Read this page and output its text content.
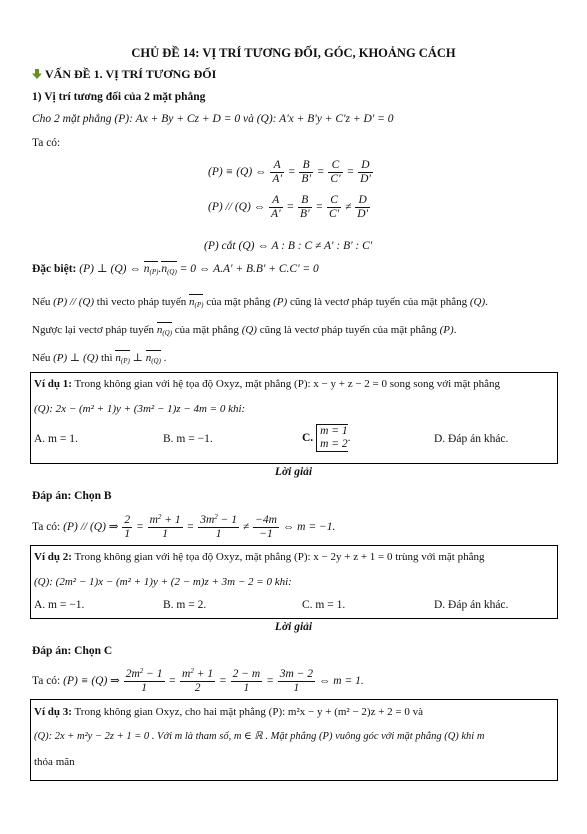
CHỦ ĐỀ 14: VỊ TRÍ TƯƠNG ĐỐI, GÓC, KHOẢNG CÁCH
VẤN ĐỀ 1. VỊ TRÍ TƯƠNG ĐỐI
1) Vị trí tương đối của 2 mặt phẳng
Cho 2 mặt phẳng (P): Ax + By + Cz + D = 0 và (Q): A'x + B'y + C'z + D' = 0
Ta có:
(P) ≡ (Q) ⇔ $\frac{A}{A'} = \frac{B}{B'} = \frac{C}{C'} = \frac{D}{D'}$
(P) // (Q) ⇔ $\frac{A}{A'} = \frac{B}{B'} = \frac{C}{C'} \ne \frac{D}{D'}$
(P) cắt (Q) ⇔ A : B : C ≠ A' : B' : C'
Đặc biệt: (P) ⊥ (Q) ⇔ $n_{(P)}.n_{(Q)} = 0$ ⇔ A.A' + B.B' + C.C' = 0
Nếu (P) // (Q) thì vecto pháp tuyến $n_{(P)}$ của mặt phẳng (P) cũng là vectơ pháp tuyến của mặt phẳng (Q).
Ngược lại vectơ pháp tuyến $n_{(Q)}$ của mặt phẳng (Q) cũng là vectơ pháp tuyến của mặt phẳng (P).
Nếu (P) ⊥ (Q) thì $n_{(P)}$ ⊥ $n_{(Q)}$ .
Ví dụ 1: Trong không gian với hệ tọa độ Oxyz, mặt phẳng (P): x − y + z − 2 = 0 song song với mặt phẳng
(Q): 2x − (m² + 1)y + (3m² − 1)z − 4m = 0 khi:
A. m = 1.	B. m = −1.	C. m = 1
m = 2.	D. Đáp án khác.
Lời giải
Đáp án: Chọn B
Ta có: (P) // (Q) ⇒ $\frac{2}{1} = \frac{m^2 + 1}{1} = \frac{3m^2 - 1}{1} \ne \frac{-4m}{-1}$ ⇔ m = −1.
Ví dụ 2: Trong không gian với hệ tọa độ Oxyz, mặt phẳng (P): x − 2y + z + 1 = 0 trùng với mặt phẳng
(Q): (2m² − 1)x − (m² + 1)y + (2 − m)z + 3m − 2 = 0 khi:
A. m = −1.	B. m = 2.	C. m = 1.	D. Đáp án khác.
Lời giải
Đáp án: Chọn C
Ta có: (P) ≡ (Q) ⇒ $\frac{2m^2 - 1}{1} = \frac{m^2 + 1}{2} = \frac{2 - m}{1} = \frac{3m - 2}{1}$ ⇔ m = 1.
Ví dụ 3: Trong không gian Oxyz, cho hai mặt phẳng (P): m²x − y + (m² − 2)z + 2 = 0 và
(Q): 2x + m²y − 2z + 1 = 0 . Với m là tham số, m ∈ ℝ . Mặt phẳng (P) vuông góc với mặt phẳng (Q) khi m
thỏa mãn
